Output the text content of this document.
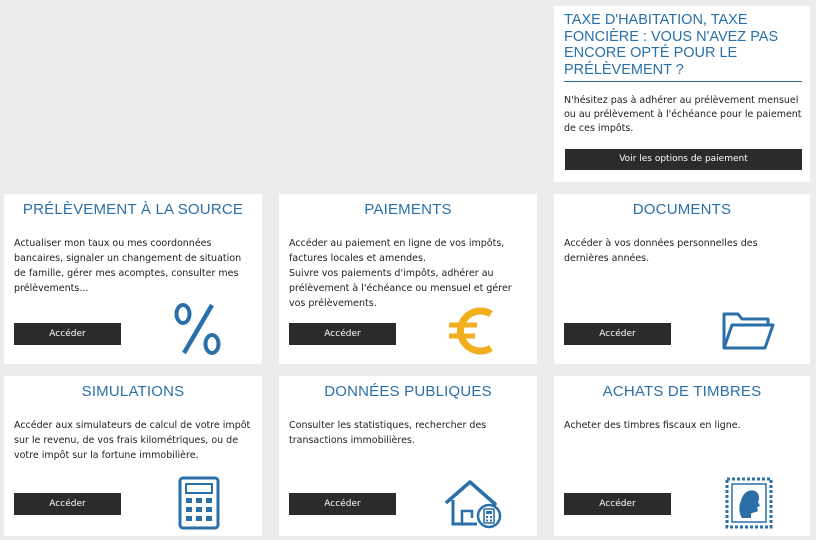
TAXE D'HABITATION, TAXE FONCIÈRE : VOUS N'AVEZ PAS ENCORE OPTÉ POUR LE PRÉLÈVEMENT ?
N'hésitez pas à adhérer au prélèvement mensuel ou au prélèvement à l'échéance pour le paiement de ces impôts.
Voir les options de paiement
PRÉLÈVEMENT À LA SOURCE

Actualiser mon taux ou mes coordonnées bancaires, signaler un changement de situation de famille, gérer mes acomptes, consulter mes prélèvements...

Accéder
PAIEMENTS

Accéder au paiement en ligne de vos impôts, factures locales et amendes.

Suivre vos paiements d'impôts, adhérer au prélèvement à l'échéance ou mensuel et gérer vos prélèvements.

Accéder
DOCUMENTS

Accéder à vos données personnelles des dernières années.

Accéder
SIMULATIONS

Accéder aux simulateurs de calcul de votre impôt sur le revenu, de vos frais kilométriques, ou de votre impôt sur la fortune immobilière.

Accéder
DONNÉES PUBLIQUES

Consulter les statistiques, rechercher des transactions immobilières.

Accéder
ACHATS DE TIMBRES

Acheter des timbres fiscaux en ligne.

Accéder
